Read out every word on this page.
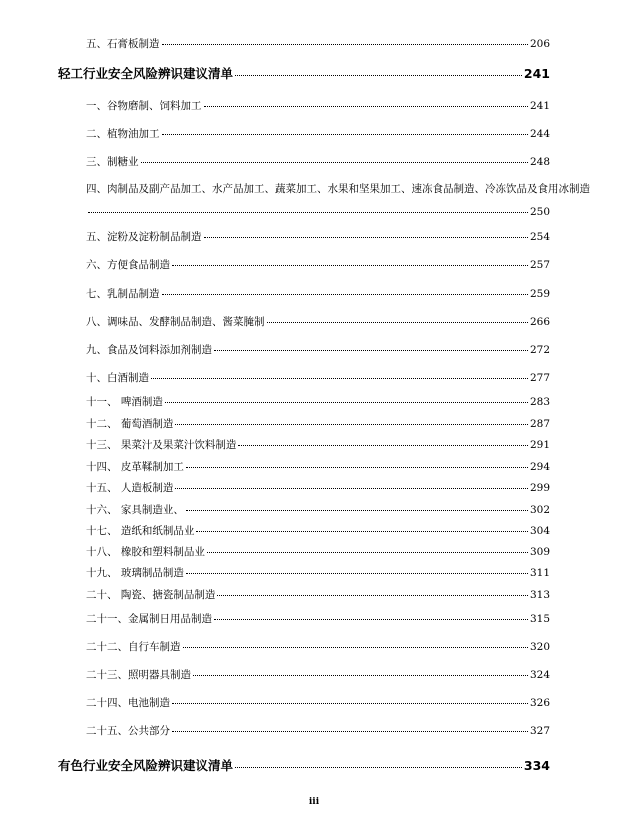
五、石膏板制造	206
轻工行业安全风险辨识建议清单	241
一、谷物磨制、饲料加工	241
二、植物油加工	244
三、制糖业	248
四、肉制品及副产品加工、水产品加工、蔬菜加工、水果和坚果加工、速冻食品制造、冷冻饮品及食用冰制造
250
五、淀粉及淀粉制品制造	254
六、方便食品制造	257
七、乳制品制造	259
八、调味品、发酵制品制造、酱菜腌制	266
九、食品及饲料添加剂制造	272
十、白酒制造	277
十一、 啤酒制造	283
十二、 葡萄酒制造	287
十三、 果菜汁及果菜汁饮料制造	291
十四、 皮革鞣制加工	294
十五、 人造板制造	299
十六、 家具制造业、	302
十七、 造纸和纸制品业	304
十八、 橡胶和塑料制品业	309
十九、 玻璃制品制造	311
二十、 陶瓷、搪瓷制品制造	313
二十一、金属制日用品制造	315
二十二、自行车制造	320
二十三、照明器具制造	324
二十四、电池制造	326
二十五、公共部分	327
有色行业安全风险辨识建议清单	334
iii
